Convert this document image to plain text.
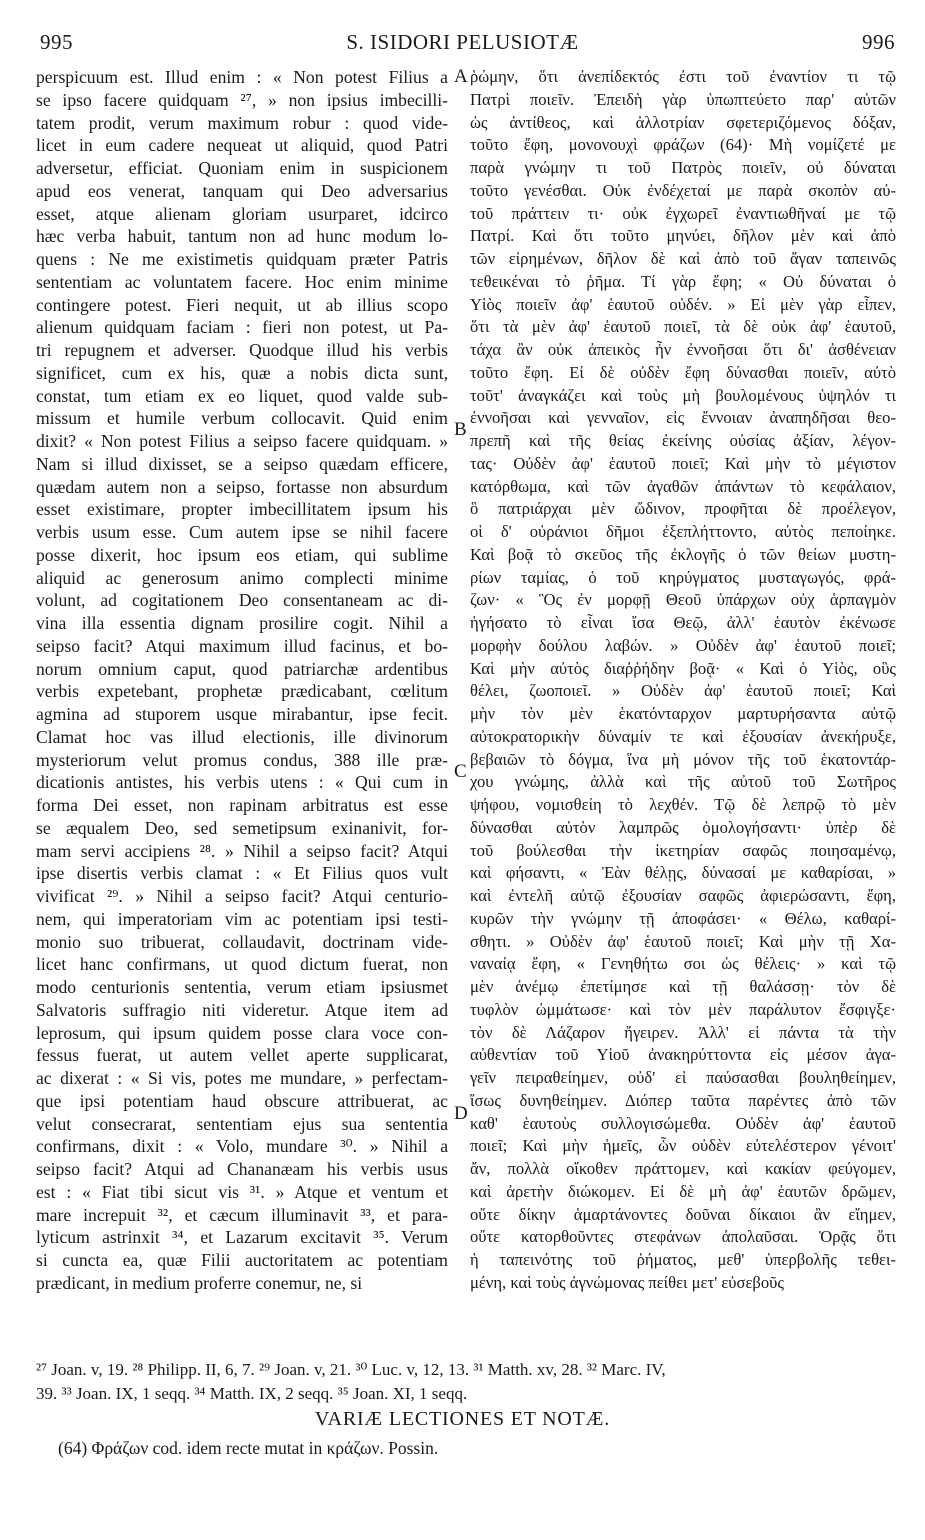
995	S. ISIDORI PELUSIOTÆ	996
perspicuum est. Illud enim : « Non potest Filius a
se ipso facere quidquam ²⁷, » non ipsius imbecilli-
tatem prodit, verum maximum robur : quod vide-
licet in eum cadere nequeat ut aliquid, quod Patri
adversetur, efficiat. Quoniam enim in suspicionem
apud eos venerat, tanquam qui Deo adversarius
esset, atque alienam gloriam usurparet, idcirco
hæc verba habuit, tantum non ad hunc modum lo-
quens : Ne me existimetis quidquam præter Patris
sententiam ac voluntatem facere. Hoc enim minime
contingere potest. Fieri nequit, ut ab illius scopo
alienum quidquam faciam : fieri non potest, ut Pa-
tri repugnem et adverser. Quodque illud his verbis
significet, cum ex his, quæ a nobis dicta sunt,
constat, tum etiam ex eo liquet, quod valde sub-
missum et humile verbum collocavit. Quid enim
dixit? « Non potest Filius a seipso facere quidquam. »
Nam si illud dixisset, se a seipso quædam efficere,
quædam autem non a seipso, fortasse non absurdum
esset existimare, propter imbecillitatem ipsum his
verbis usum esse. Cum autem ipse se nihil facere
posse dixerit, hoc ipsum eos etiam, qui sublime
aliquid ac generosum animo complecti minime
volunt, ad cogitationem Deo consentaneam ac di-
vina illa essentia dignam prosilire cogit. Nihil a
seipso facit? Atqui maximum illud facinus, et bo-
norum omnium caput, quod patriarchæ ardentibus
verbis expetebant, prophetæ prædicabant, cœlitum
agmina ad stuporem usque mirabantur, ipse fecit.
Clamat hoc vas illud electionis, ille divinorum
mysteriorum velut promus condus, 388 ille præ-
dicationis antistes, his verbis utens : « Qui cum in
forma Dei esset, non rapinam arbitratus est esse
se æqualem Deo, sed semetipsum exinanivit, for-
mam servi accipiens ²⁸. » Nihil a seipso facit? Atqui
ipse disertis verbis clamat : « Et Filius quos vult
vivificat ²⁹. » Nihil a seipso facit? Atqui centurio-
nem, qui imperatoriam vim ac potentiam ipsi testi-
monio suo tribuerat, collaudavit, doctrinam vide-
licet hanc confirmans, ut quod dictum fuerat, non
modo centurionis sententia, verum etiam ipsiusmet
Salvatoris suffragio niti videretur. Atque item ad
leprosum, qui ipsum quidem posse clara voce con-
fessus fuerat, ut autem vellet aperte supplicarat,
ac dixerat : « Si vis, potes me mundare, » perfectam-
que ipsi potentiam haud obscure attribuerat, ac
velut consecrarat, sententiam ejus sua sententia
confirmans, dixit : « Volo, mundare ³⁰. » Nihil a
seipso facit? Atqui ad Chananæam his verbis usus
est : « Fiat tibi sicut vis ³¹. » Atque et ventum et
mare increpuit ³², et cæcum illuminavit ³³, et para-
lyticum astrinxit ³⁴, et Lazarum excitavit ³⁵. Verum
si cuncta ea, quæ Filii auctoritatem ac potentiam
prædicant, in medium proferre conemur, ne, si
ῥώμην, ὅτι ἀνεπίδεκτός ἐστι τοῦ ἐναντίον τι τῷ
Πατρὶ ποιεῖν. Ἐπειδὴ γὰρ ὑπωπτεύετο παρ' αὐτῶν
ὡς ἀντίθεος, καὶ ἀλλοτρίαν σφετεριζόμενος δόξαν,
τοῦτο ἔφη, μονονουχὶ φράζων (64)· Μὴ νομίζετέ με
παρὰ γνώμην τι τοῦ Πατρὸς ποιεῖν, οὐ δύναται
τοῦτο γενέσθαι. Οὐκ ἐνδέχεταί με παρὰ σκοπὸν αὐ-
τοῦ πράττειν τι· οὐκ ἐγχωρεῖ ἐναντιωθῆναί με τῷ
Πατρί. Καὶ ὅτι τοῦτο μηνύει, δῆλον μὲν καὶ ἀπὸ
τῶν εἰρημένων, δῆλον δὲ καὶ ἀπὸ τοῦ ἄγαν ταπεινῶς
τεθεικέναι τὸ ῥῆμα. Τί γὰρ ἔφη; « Οὐ δύναται ὁ
Υἱὸς ποιεῖν ἀφ' ἑαυτοῦ οὐδέν. » Εἰ μὲν γὰρ εἶπεν,
ὅτι τὰ μὲν ἀφ' ἑαυτοῦ ποιεῖ, τὰ δὲ οὐκ ἀφ' ἑαυτοῦ,
τάχα ἂν οὐκ ἀπεικὸς ἦν ἐννοῆσαι ὅτι δι' ἀσθένειαν
τοῦτο ἔφη. Εἰ δὲ οὐδὲν ἔφη δύνασθαι ποιεῖν, αὐτὸ
τοῦτ' ἀναγκάζει καὶ τοὺς μὴ βουλομένους ὑψηλόν τι
ἐννοῆσαι καὶ γενναῖον, εἰς ἔννοιαν ἀναπηδῆσαι θεο-
πρεπῆ καὶ τῆς θείας ἐκείνης οὐσίας ἀξίαν, λέγον-
τας· Οὐδὲν ἀφ' ἑαυτοῦ ποιεῖ; Καὶ μὴν τὸ μέγιστον
κατόρθωμα, καὶ τῶν ἀγαθῶν ἁπάντων τὸ κεφάλαιον,
ὃ πατριάρχαι μὲν ὤδινον, προφῆται δὲ προέλεγον,
οἱ δ' οὐράνιοι δῆμοι ἐξεπλήττοντο, αὐτὸς πεποίηκε.
Καὶ βοᾷ τὸ σκεῦος τῆς ἐκλογῆς ὁ τῶν θείων μυστη-
ρίων ταμίας, ὁ τοῦ κηρύγματος μυσταγωγός, φρά-
ζων· « Ὃς ἐν μορφῇ Θεοῦ ὑπάρχων οὐχ ἁρπαγμὸν
ἡγήσατο τὸ εἶναι ἴσα Θεῷ, ἀλλ' ἑαυτὸν ἐκένωσε
μορφὴν δούλου λαβών. » Οὐδὲν ἀφ' ἑαυτοῦ ποιεῖ;
Καὶ μὴν αὐτὸς διαῤῥήδην βοᾷ· « Καὶ ὁ Υἱὸς, οὓς
θέλει, ζωοποιεῖ. » Οὐδὲν ἀφ' ἑαυτοῦ ποιεῖ; Καὶ
μὴν τὸν μὲν ἑκατόνταρχον μαρτυρήσαντα αὐτῷ
αὐτοκρατορικὴν δύναμίν τε καὶ ἐξουσίαν ἀνεκήρυξε,
βεβαιῶν τὸ δόγμα, ἵνα μὴ μόνον τῆς τοῦ ἑκατοντάρ-
χου γνώμης, ἀλλὰ καὶ τῆς αὐτοῦ τοῦ Σωτῆρος
ψήφου, νομισθείη τὸ λεχθέν. Τῷ δὲ λεπρῷ τὸ μὲν
δύνασθαι αὐτὸν λαμπρῶς ὁμολογήσαντι· ὑπὲρ δὲ
τοῦ βούλεσθαι τὴν ἱκετηρίαν σαφῶς ποιησαμένῳ,
καὶ φήσαντι, « Ἐὰν θέλῃς, δύνασαί με καθαρίσαι, »
καὶ ἐντελῆ αὐτῷ ἐξουσίαν σαφῶς ἀφιερώσαντι, ἔφη,
κυρῶν τὴν γνώμην τῇ ἀποφάσει· « Θέλω, καθαρί-
σθητι. » Οὐδὲν ἀφ' ἑαυτοῦ ποιεῖ; Καὶ μὴν τῇ Χα-
ναναίᾳ ἔφη, « Γενηθήτω σοι ὡς θέλεις· » καὶ τῷ
μὲν ἀνέμῳ ἐπετίμησε καὶ τῇ θαλάσσῃ· τὸν δὲ
τυφλὸν ὠμμάτωσε· καὶ τὸν μὲν παράλυτον ἔσφιγξε·
τὸν δὲ Λάζαρον ἤγειρεν. Ἀλλ' εἰ πάντα τὰ τὴν
αὐθεντίαν τοῦ Υἱοῦ ἀνακηρύττοντα εἰς μέσον ἀγα-
γεῖν πειραθείημεν, οὐδ' εἰ παύσασθαι βουληθείημεν,
ἴσως δυνηθείημεν. Διόπερ ταῦτα παρέντες ἀπὸ τῶν
καθ' ἑαυτοὺς συλλογισώμεθα. Οὐδὲν ἀφ' ἑαυτοῦ
ποιεῖ; Καὶ μὴν ἡμεῖς, ὧν οὐδὲν εὐτελέστερον γένοιτ'
ἄν, πολλὰ οἴκοθεν πράττομεν, καὶ κακίαν φεύγομεν,
καὶ ἀρετὴν διώκομεν. Εἰ δὲ μὴ ἀφ' ἑαυτῶν δρῶμεν,
οὔτε δίκην ἁμαρτάνοντες δοῦναι δίκαιοι ἂν εἴημεν,
οὔτε κατορθοῦντες στεφάνων ἀπολαῦσαι. Ὁρᾷς ὅτι
ἡ ταπεινότης τοῦ ῥήματος, μεθ' ὑπερβολῆς τεθει-
μένη, καὶ τοὺς ἀγνώμονας πείθει μετ' εὐσεβοῦς
A
B
C
D
²⁷ Joan. v, 19. ²⁸ Philipp. II, 6, 7. ²⁹ Joan. v, 21. ³⁰ Luc. v, 12, 13. ³¹ Matth. xv, 28. ³² Marc. IV,
39. ³³ Joan. IX, 1 seqq. ³⁴ Matth. IX, 2 seqq. ³⁵ Joan. XI, 1 seqq.
VARIÆ LECTIONES ET NOTÆ.
(64) Φράζων cod. idem recte mutat in κράζων. Possin.
